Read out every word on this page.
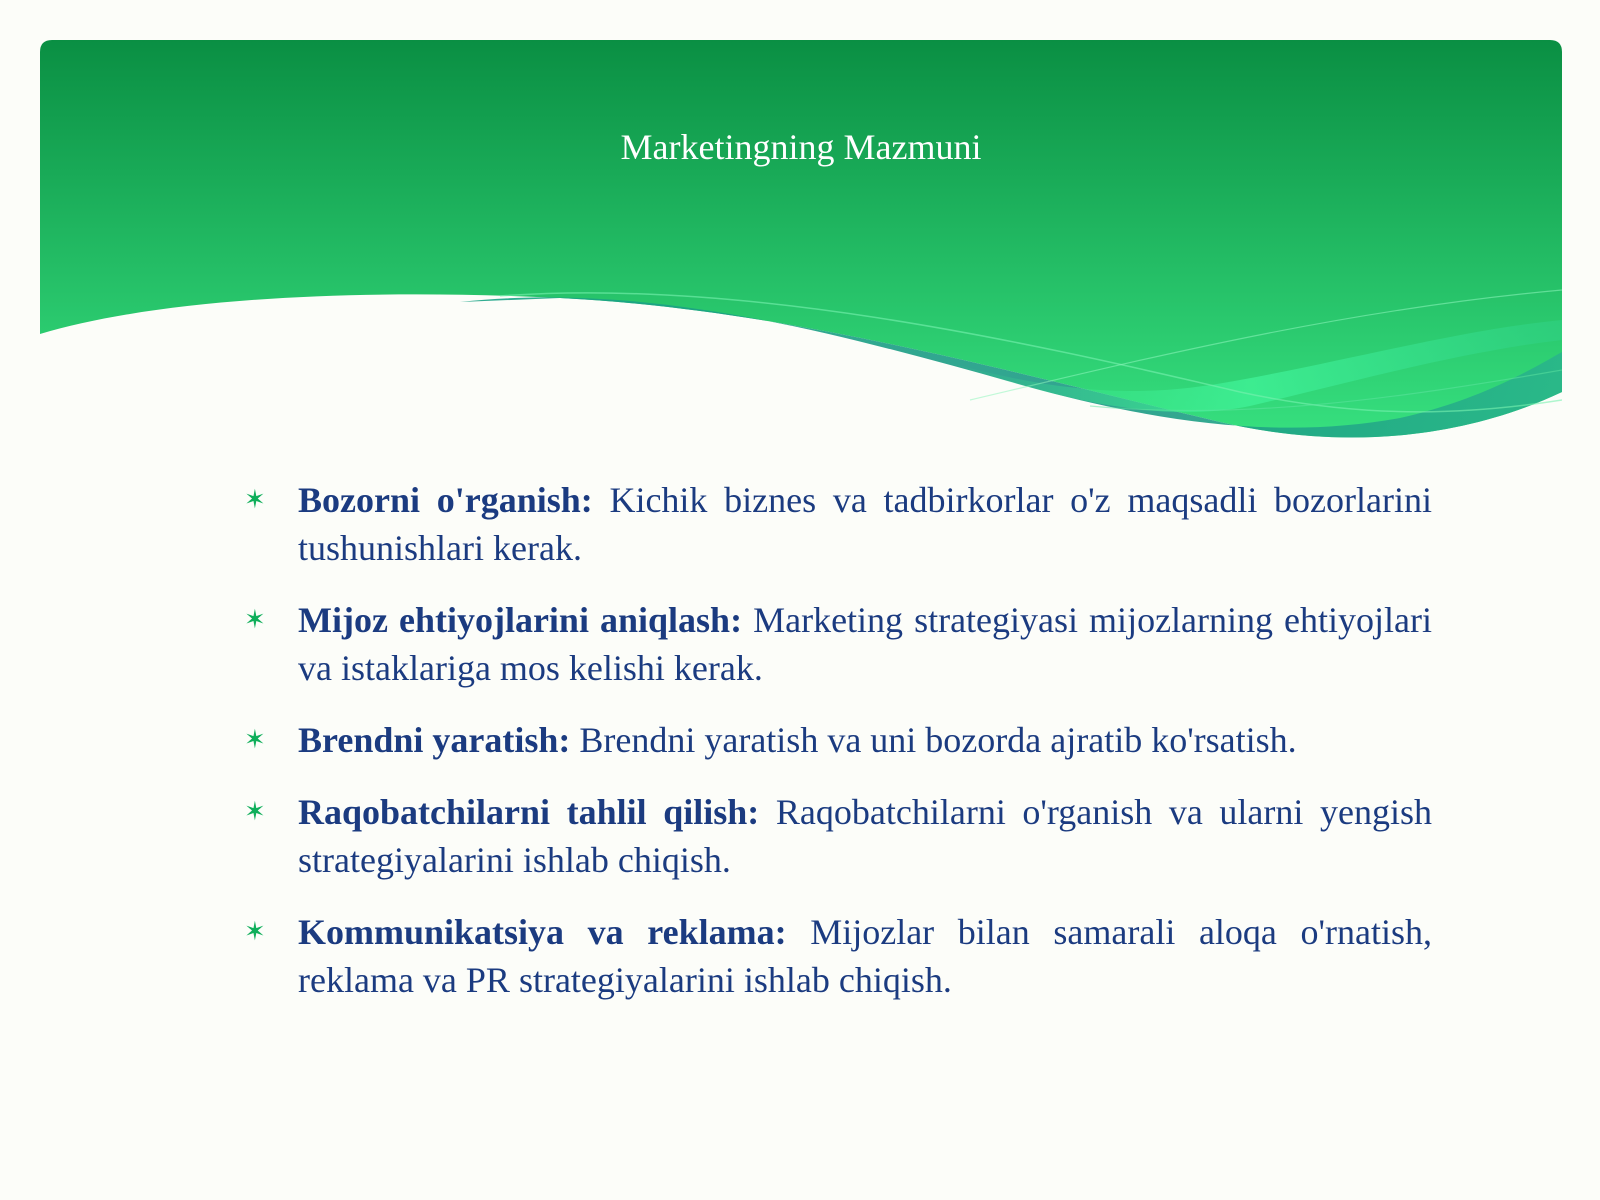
Marketingning Mazmuni

✶ Bozorni o'rganish: Kichik biznes va tadbirkorlar o'z maqsadli bozorlarini tushunishlari kerak.

✶ Mijoz ehtiyojlarini aniqlash: Marketing strategiyasi mijozlarning ehtiyojlari va istaklariga mos kelishi kerak.

✶ Brendni yaratish: Brendni yaratish va uni bozorda ajratib ko'rsatish.

✶ Raqobatchilarni tahlil qilish: Raqobatchilarni o'rganish va ularni yengish strategiyalarini ishlab chiqish.

✶ Kommunikatsiya va reklama: Mijozlar bilan samarali aloqa o'rnatish, reklama va PR strategiyalarini ishlab chiqish.
